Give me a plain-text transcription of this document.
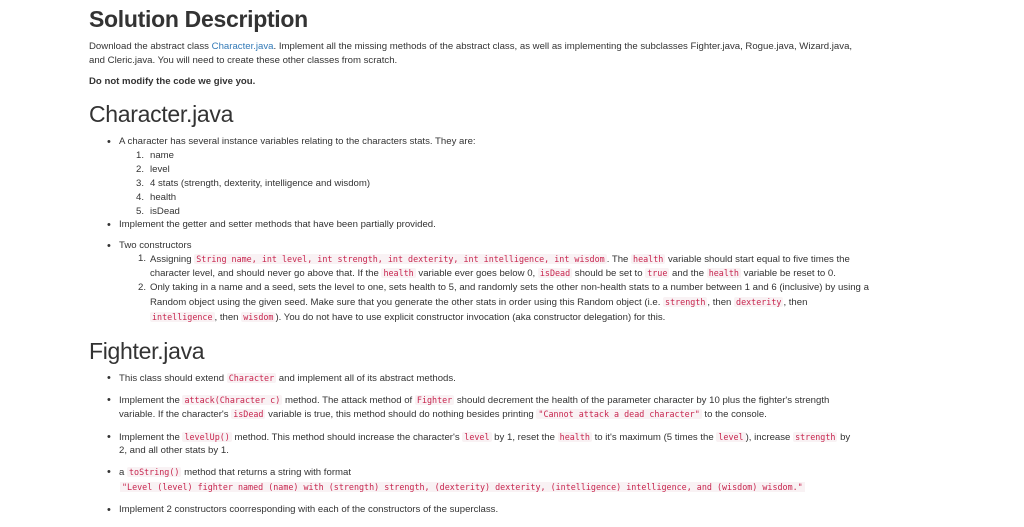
Solution Description

Download the abstract class Character.java. Implement all the missing methods of the abstract class, as well as implementing the subclasses Fighter.java, Rogue.java, Wizard.java,

and Cleric.java. You will need to create these other classes from scratch.

Do not modify the code we give you.

Character.java
• A character has several instance variables relating to the characters stats. They are:
1. name
2. level
3. 4 stats (strength, dexterity, intelligence and wisdom)
4. health
5. isDead
• Implement the getter and setter methods that have been partially provided.
• Two constructors
1. Assigning String name, int level, int strength, int dexterity, int intelligence, int wisdom . The health variable should start equal to five times the
character level, and should never go above that. If the health variable ever goes below 0, isDead should be set to true and the health variable be reset to 0.
2. Only taking in a name and a seed, sets the level to one, sets health to 5, and randomly sets the other non-health stats to a number between 1 and 6 (inclusive) by using a
Random object using the given seed. Make sure that you generate the other stats in order using this Random object (i.e. strength , then dexterity , then
intelligence , then wisdom ). You do not have to use explicit constructor invocation (aka constructor delegation) for this.
Fighter.java
• This class should extend Character and implement all of its abstract methods.
• Implement the attack(Character c) method. The attack method of Fighter should decrement the health of the parameter character by 10 plus the fighter's strength
variable. If the character's isDead variable is true, this method should do nothing besides printing "Cannot attack a dead character" to the console.
• Implement the levelUp() method. This method should increase the character's level by 1, reset the health to it's maximum (5 times the level ), increase strength by
2, and all other stats by 1.
• a toString() method that returns a string with format
"Level (level) fighter named (name) with (strength) strength, (dexterity) dexterity, (intelligence) intelligence, and (wisdom) wisdom."
• Implement 2 constructors coorresponding with each of the constructors of the superclass.
